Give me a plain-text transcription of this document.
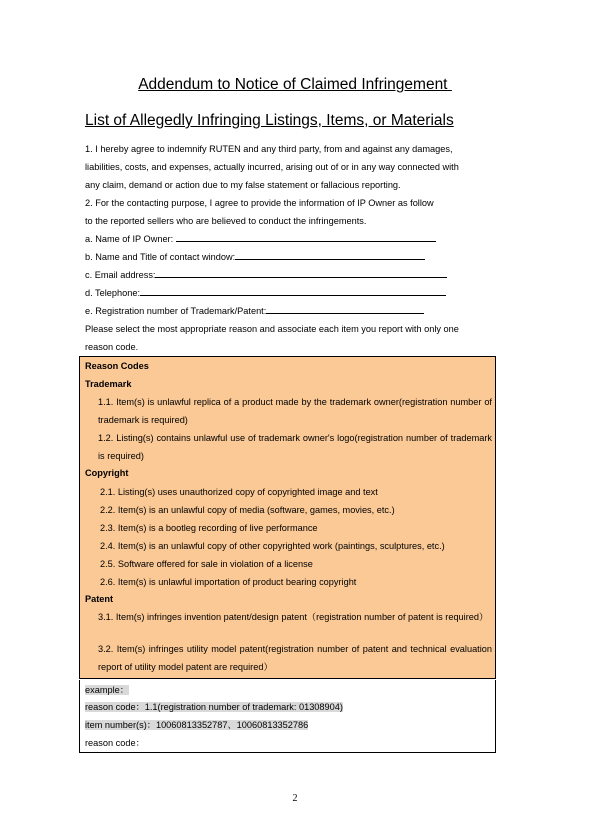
Addendum to Notice of Claimed Infringement
List of Allegedly Infringing Listings, Items, or Materials
1. I hereby agree to indemnify RUTEN and any third party, from and against any damages,
liabilities, costs, and expenses, actually incurred, arising out of or in any way connected with
any claim, demand or action due to my false statement or fallacious reporting.
2. For the contacting purpose, I agree to provide the information of IP Owner as follow
to the reported sellers who are believed to conduct the infringements.
a. Name of IP Owner:
b. Name and Title of contact window:
c. Email address:
d. Telephone:
e. Registration number of Trademark/Patent:
Please select the most appropriate reason and associate each item you report with only one
reason code.
Reason Codes
Trademark
1.1. Item(s) is unlawful replica of a product made by the trademark owner(registration number of trademark is required)
1.2. Listing(s) contains unlawful use of trademark owner's logo(registration number of trademark is required)
Copyright
2.1. Listing(s) uses unauthorized copy of copyrighted image and text
2.2. Item(s) is an unlawful copy of media (software, games, movies, etc.)
2.3. Item(s) is a bootleg recording of live performance
2.4. Item(s) is an unlawful copy of other copyrighted work (paintings, sculptures, etc.)
2.5. Software offered for sale in violation of a license
2.6. Item(s) is unlawful importation of product bearing copyright
Patent
3.1. Item(s) infringes invention patent/design patent（registration number of patent is required）
3.2. Item(s) infringes utility model patent(registration number of patent and technical evaluation report of utility model patent are required）
example：
reason code：1.1(registration number of trademark: 01308904)
item number(s)：10060813352787、10060813352786
reason code：
2
